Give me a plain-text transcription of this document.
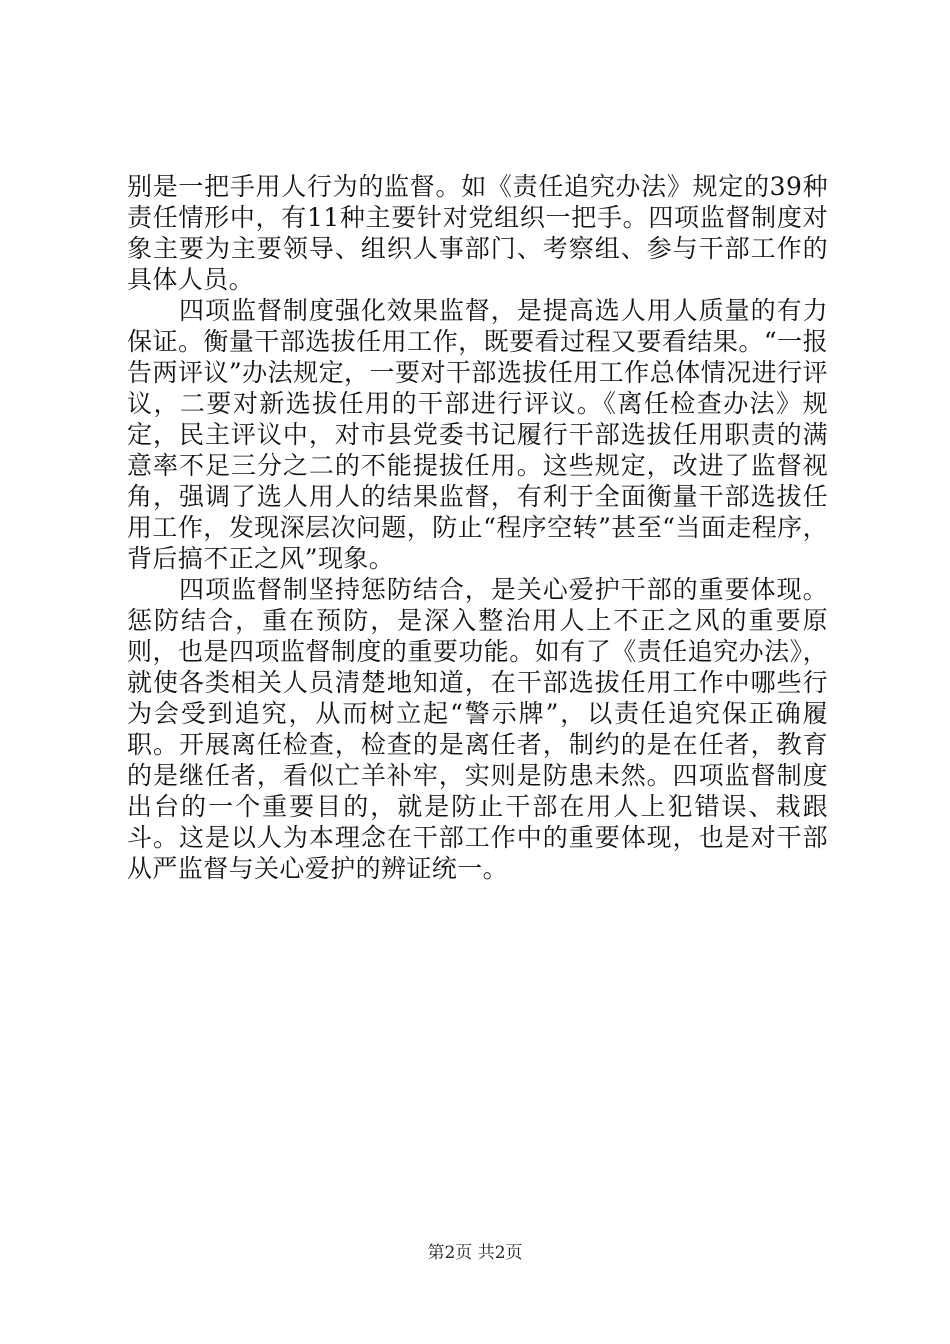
别是一把手用人行为的监督。如《责任追究办法》规定的39种责任情形中，有11种主要针对党组织一把手。四项监督制度对象主要为主要领导、组织人事部门、考察组、参与干部工作的具体人员。

四项监督制度强化效果监督，是提高选人用人质量的有力保证。衡量干部选拔任用工作，既要看过程又要看结果。“一报告两评议”办法规定，一要对干部选拔任用工作总体情况进行评议，二要对新选拔任用的干部进行评议。《离任检查办法》规定，民主评议中，对市县党委书记履行干部选拔任用职责的满意率不足三分之二的不能提拔任用。这些规定，改进了监督视角，强调了选人用人的结果监督，有利于全面衡量干部选拔任用工作，发现深层次问题，防止“程序空转”甚至“当面走程序，背后搞不正之风”现象。

四项监督制坚持惩防结合，是关心爱护干部的重要体现。惩防结合，重在预防，是深入整治用人上不正之风的重要原则，也是四项监督制度的重要功能。如有了《责任追究办法》，就使各类相关人员清楚地知道，在干部选拔任用工作中哪些行为会受到追究，从而树立起“警示牌”，以责任追究保正确履职。开展离任检查，检查的是离任者，制约的是在任者，教育的是继任者，看似亡羊补牢，实则是防患未然。四项监督制度出台的一个重要目的，就是防止干部在用人上犯错误、栽跟斗。这是以人为本理念在干部工作中的重要体现，也是对干部从严监督与关心爱护的辨证统一。

第2页 共2页
